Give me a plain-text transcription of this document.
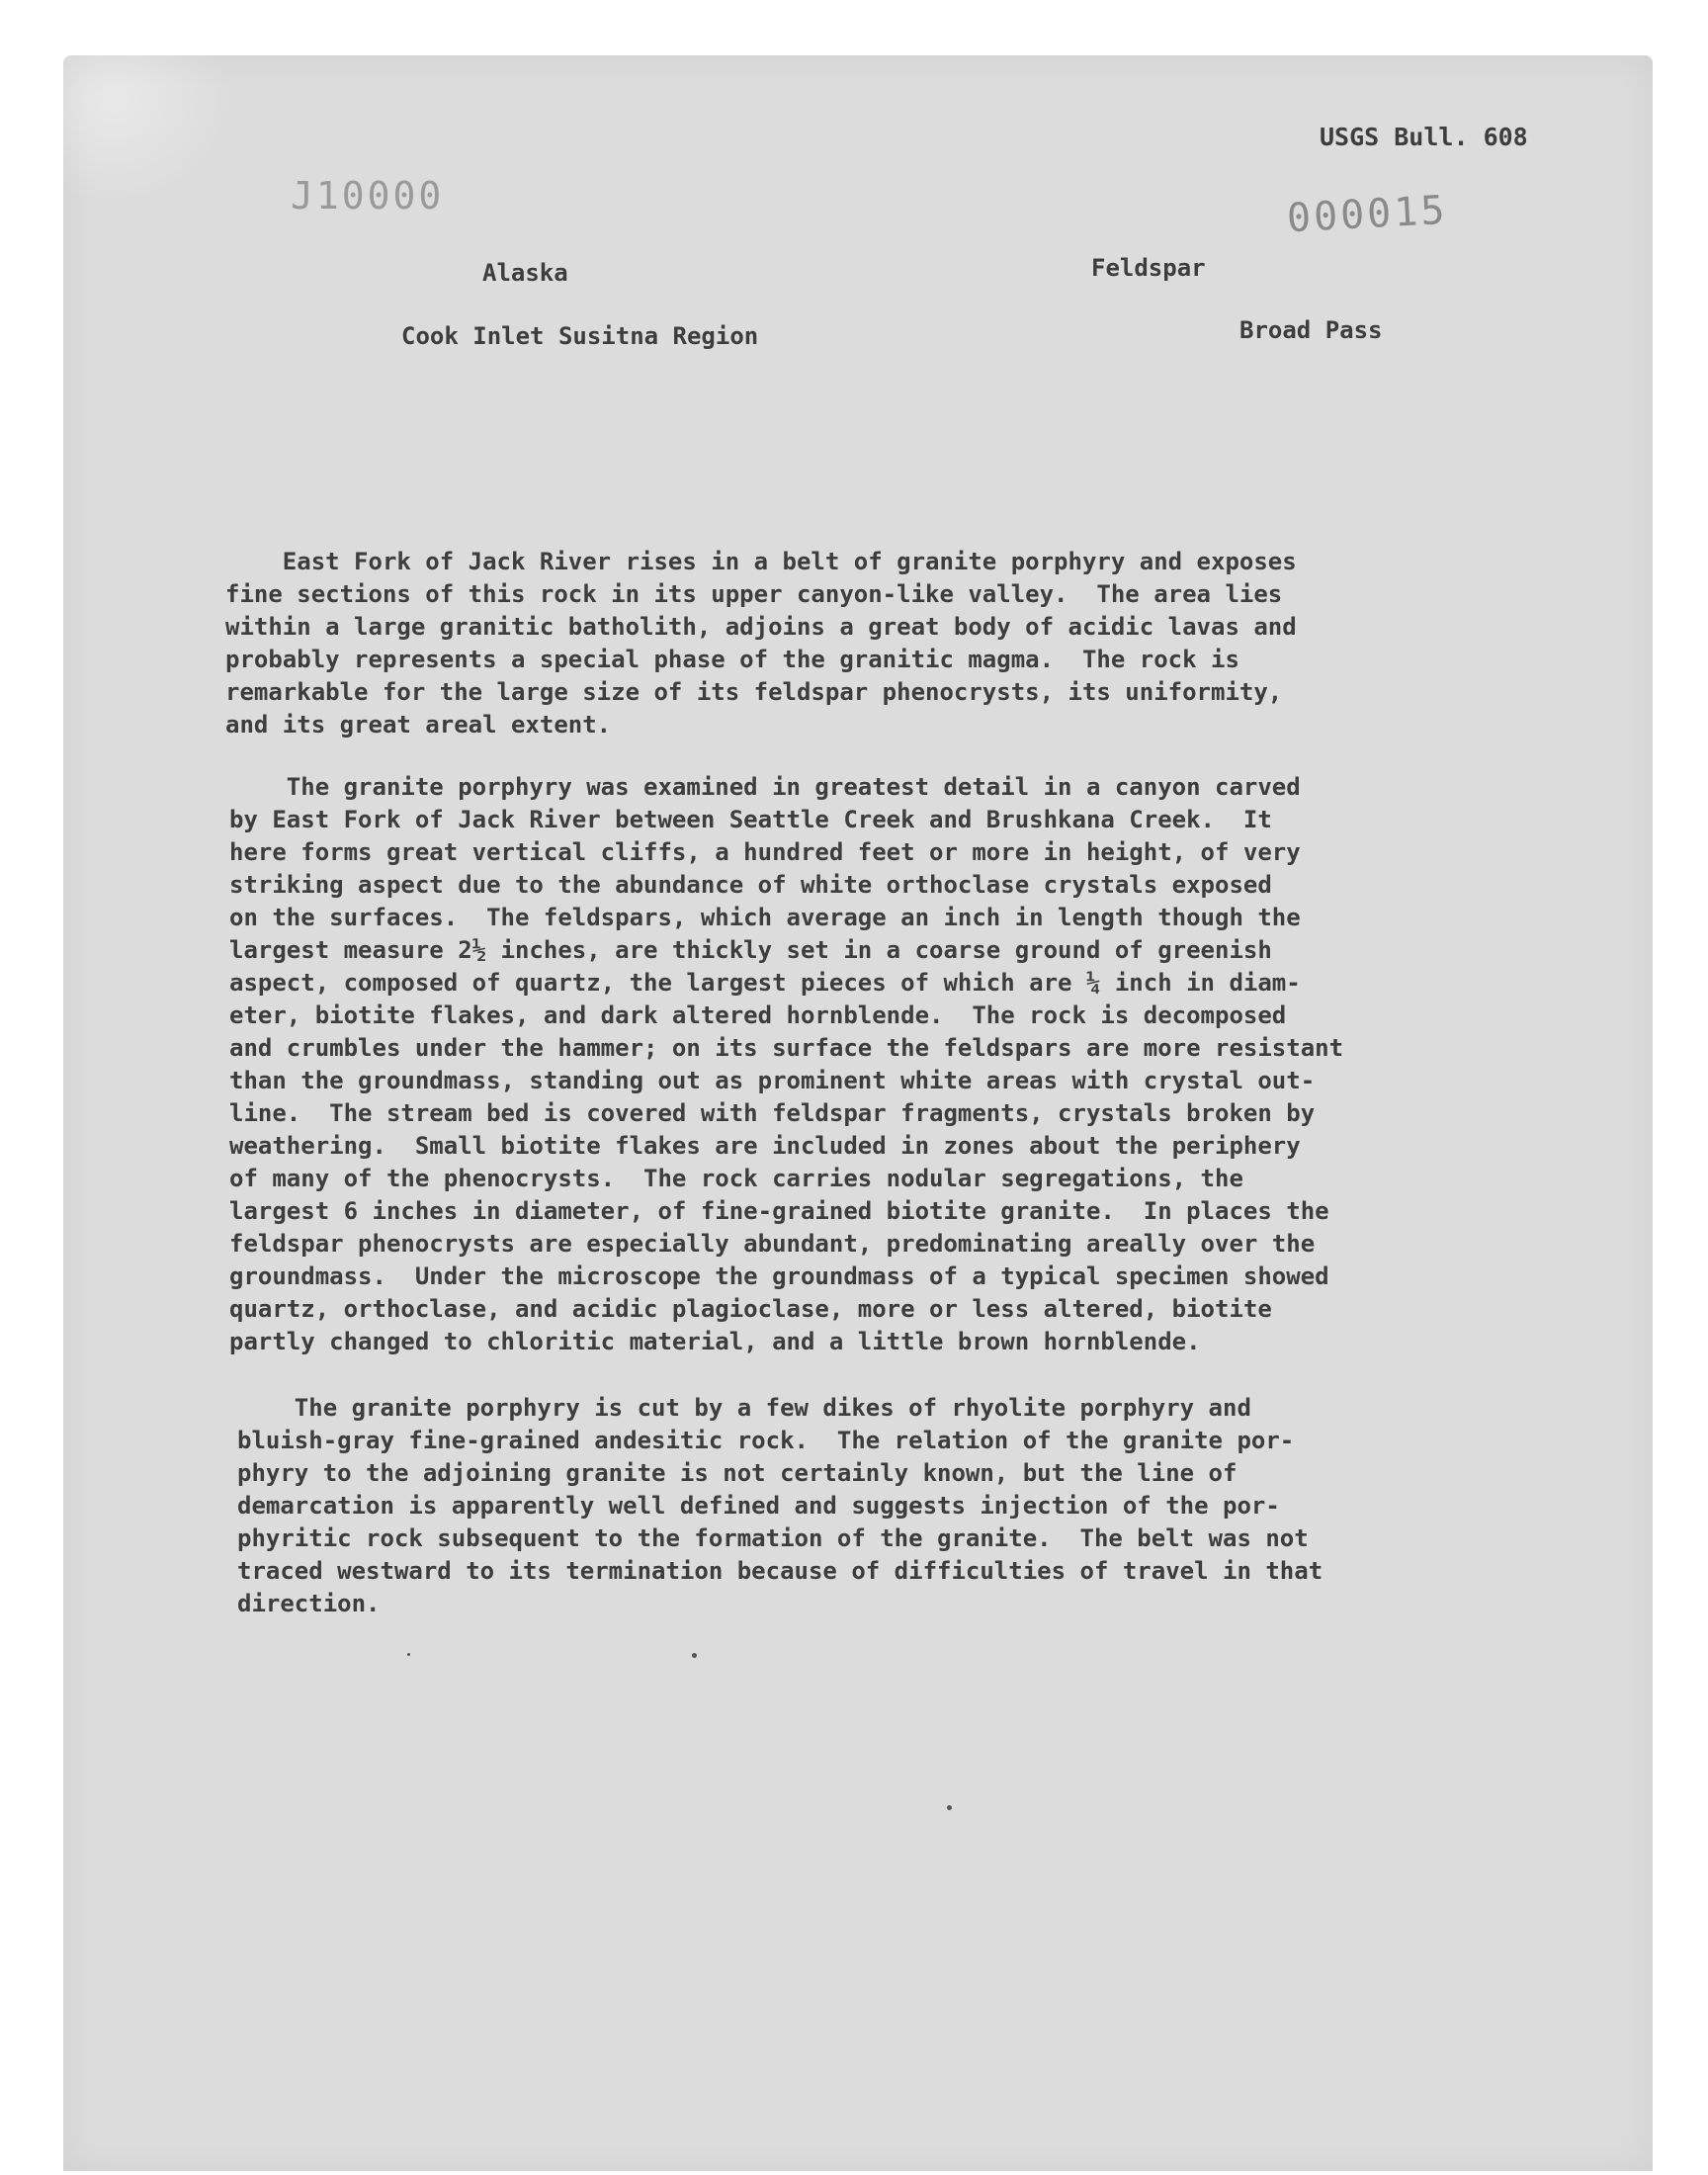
USGS Bull. 608
J10000	000015
Alaska	Feldspar
Cook Inlet Susitna Region	Broad Pass
East Fork of Jack River rises in a belt of granite porphyry and exposes
fine sections of this rock in its upper canyon-like valley.  The area lies
within a large granitic batholith, adjoins a great body of acidic lavas and
probably represents a special phase of the granitic magma.  The rock is
remarkable for the large size of its feldspar phenocrysts, its uniformity,
and its great areal extent.
The granite porphyry was examined in greatest detail in a canyon carved
by East Fork of Jack River between Seattle Creek and Brushkana Creek.  It
here forms great vertical cliffs, a hundred feet or more in height, of very
striking aspect due to the abundance of white orthoclase crystals exposed
on the surfaces.  The feldspars, which average an inch in length though the
largest measure 2½ inches, are thickly set in a coarse ground of greenish
aspect, composed of quartz, the largest pieces of which are ¼ inch in diam-
eter, biotite flakes, and dark altered hornblende.  The rock is decomposed
and crumbles under the hammer; on its surface the feldspars are more resistant
than the groundmass, standing out as prominent white areas with crystal out-
line.  The stream bed is covered with feldspar fragments, crystals broken by
weathering.  Small biotite flakes are included in zones about the periphery
of many of the phenocrysts.  The rock carries nodular segregations, the
largest 6 inches in diameter, of fine-grained biotite granite.  In places the
feldspar phenocrysts are especially abundant, predominating areally over the
groundmass.  Under the microscope the groundmass of a typical specimen showed
quartz, orthoclase, and acidic plagioclase, more or less altered, biotite
partly changed to chloritic material, and a little brown hornblende.
The granite porphyry is cut by a few dikes of rhyolite porphyry and
bluish-gray fine-grained andesitic rock.  The relation of the granite por-
phyry to the adjoining granite is not certainly known, but the line of
demarcation is apparently well defined and suggests injection of the por-
phyritic rock subsequent to the formation of the granite.  The belt was not
traced westward to its termination because of difficulties of travel in that
direction.
